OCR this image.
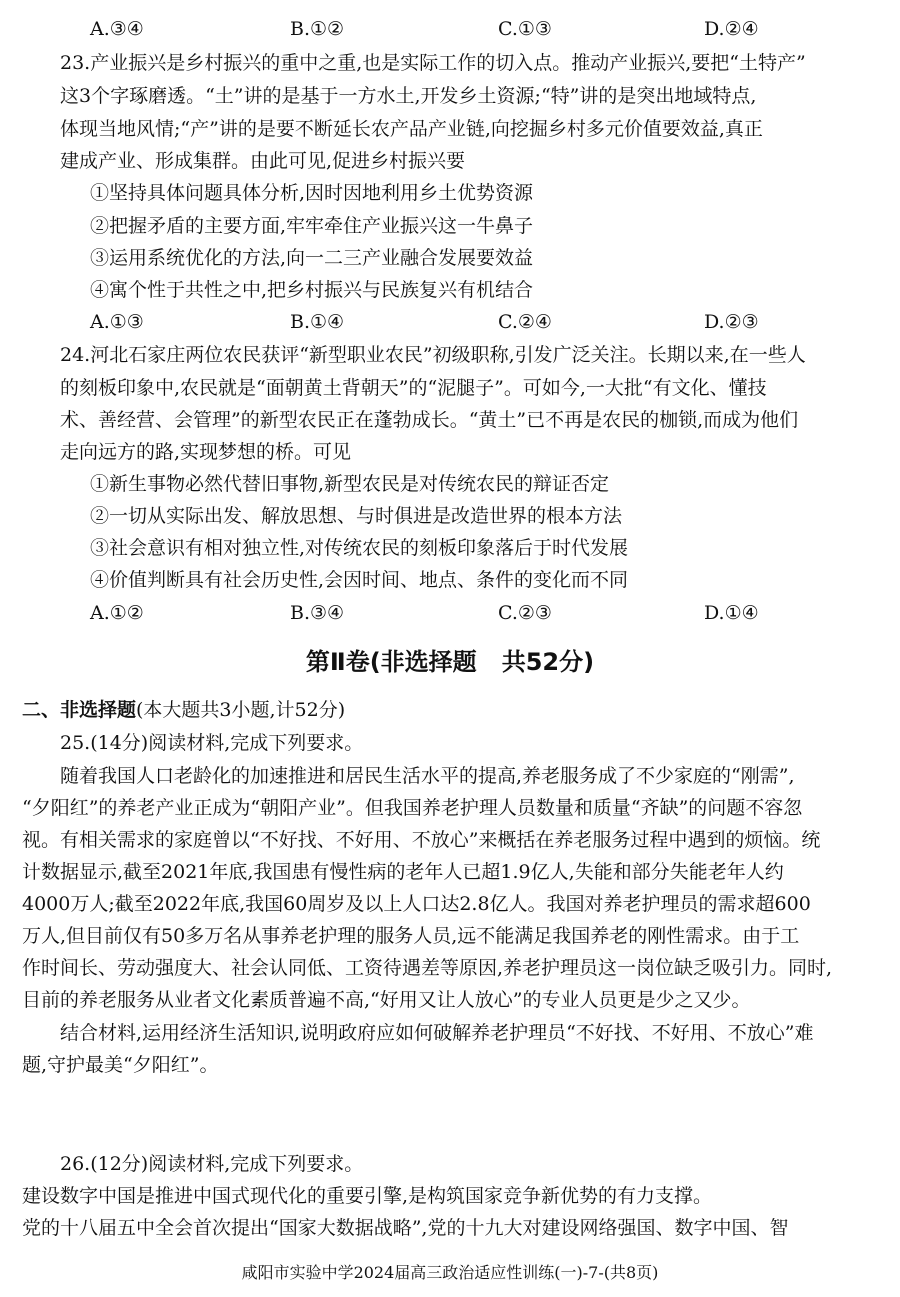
A.③④	B.①②	C.①③	D.②④
23.产业振兴是乡村振兴的重中之重,也是实际工作的切入点。推动产业振兴,要把“土特产”
这3个字琢磨透。“土”讲的是基于一方水土,开发乡土资源;“特”讲的是突出地域特点,
体现当地风情;“产”讲的是要不断延长农产品产业链,向挖掘乡村多元价值要效益,真正
建成产业、形成集群。由此可见,促进乡村振兴要
①坚持具体问题具体分析,因时因地利用乡土优势资源
②把握矛盾的主要方面,牢牢牵住产业振兴这一牛鼻子
③运用系统优化的方法,向一二三产业融合发展要效益
④寓个性于共性之中,把乡村振兴与民族复兴有机结合
A.①③	B.①④	C.②④	D.②③
24.河北石家庄两位农民获评“新型职业农民”初级职称,引发广泛关注。长期以来,在一些人
的刻板印象中,农民就是“面朝黄土背朝天”的“泥腿子”。可如今,一大批“有文化、懂技
术、善经营、会管理”的新型农民正在蓬勃成长。“黄土”已不再是农民的枷锁,而成为他们
走向远方的路,实现梦想的桥。可见
①新生事物必然代替旧事物,新型农民是对传统农民的辩证否定
②一切从实际出发、解放思想、与时俱进是改造世界的根本方法
③社会意识有相对独立性,对传统农民的刻板印象落后于时代发展
④价值判断具有社会历史性,会因时间、地点、条件的变化而不同
A.①②	B.③④	C.②③	D.①④
第Ⅱ卷(非选择题   共52分)
二、非选择题(本大题共3小题,计52分)
25.(14分)阅读材料,完成下列要求。
随着我国人口老龄化的加速推进和居民生活水平的提高,养老服务成了不少家庭的“刚需”,
“夕阳红”的养老产业正成为“朝阳产业”。但我国养老护理人员数量和质量“齐缺”的问题不容忽
视。有相关需求的家庭曾以“不好找、不好用、不放心”来概括在养老服务过程中遇到的烦恼。统
计数据显示,截至2021年底,我国患有慢性病的老年人已超1.9亿人,失能和部分失能老年人约
4000万人;截至2022年底,我国60周岁及以上人口达2.8亿人。我国对养老护理员的需求超600
万人,但目前仅有50多万名从事养老护理的服务人员,远不能满足我国养老的刚性需求。由于工
作时间长、劳动强度大、社会认同低、工资待遇差等原因,养老护理员这一岗位缺乏吸引力。同时,
目前的养老服务从业者文化素质普遍不高,“好用又让人放心”的专业人员更是少之又少。
结合材料,运用经济生活知识,说明政府应如何破解养老护理员“不好找、不好用、不放心”难
题,守护最美“夕阳红”。
26.(12分)阅读材料,完成下列要求。
建设数字中国是推进中国式现代化的重要引擎,是构筑国家竞争新优势的有力支撑。
党的十八届五中全会首次提出“国家大数据战略”,党的十九大对建设网络强国、数字中国、智
咸阳市实验中学2024届高三政治适应性训练(一)-7-(共8页)
